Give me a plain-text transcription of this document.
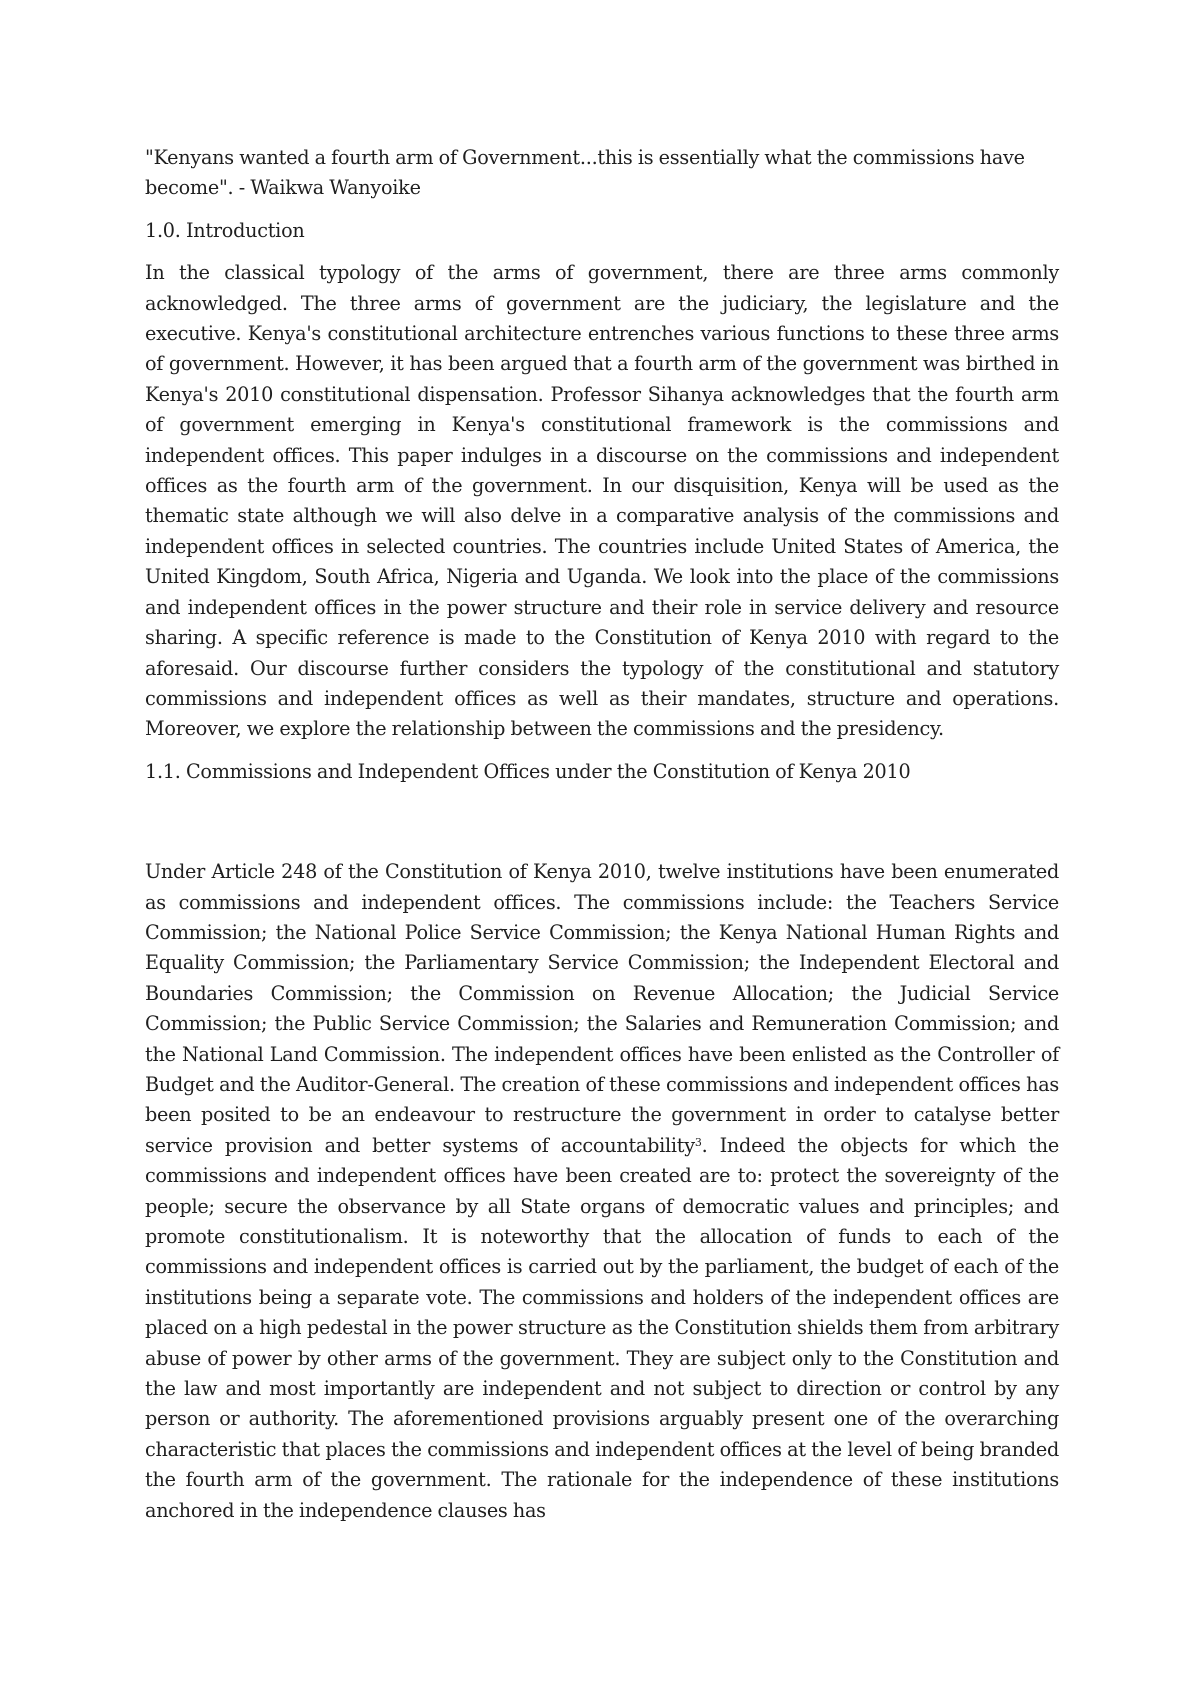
"Kenyans wanted a fourth arm of Government...this is essentially what the commissions have become". - Waikwa Wanyoike

1.0. Introduction

In the classical typology of the arms of government, there are three arms commonly acknowledged. The three arms of government are the judiciary, the legislature and the executive. Kenya's constitutional architecture entrenches various functions to these three arms of government. However, it has been argued that a fourth arm of the government was birthed in Kenya's 2010 constitutional dispensation. Professor Sihanya acknowledges that the fourth arm of government emerging in Kenya's constitutional framework is the commissions and independent offices. This paper indulges in a discourse on the commissions and independent offices as the fourth arm of the government. In our disquisition, Kenya will be used as the thematic state although we will also delve in a comparative analysis of the commissions and independent offices in selected countries. The countries include United States of America, the United Kingdom, South Africa, Nigeria and Uganda. We look into the place of the commissions and independent offices in the power structure and their role in service delivery and resource sharing. A specific reference is made to the Constitution of Kenya 2010 with regard to the aforesaid. Our discourse further considers the typology of the constitutional and statutory commissions and independent offices as well as their mandates, structure and operations. Moreover, we explore the relationship between the commissions and the presidency.

1.1. Commissions and Independent Offices under the Constitution of Kenya 2010

Under Article 248 of the Constitution of Kenya 2010, twelve institutions have been enumerated as commissions and independent offices. The commissions include: the Teachers Service Commission; the National Police Service Commission; the Kenya National Human Rights and Equality Commission; the Parliamentary Service Commission; the Independent Electoral and Boundaries Commission; the Commission on Revenue Allocation; the Judicial Service Commission; the Public Service Commission; the Salaries and Remuneration Commission; and the National Land Commission. The independent offices have been enlisted as the Controller of Budget and the Auditor-General. The creation of these commissions and independent offices has been posited to be an endeavour to restructure the government in order to catalyse better service provision and better systems of accountability$^3$. Indeed the objects for which the commissions and independent offices have been created are to: protect the sovereignty of the people; secure the observance by all State organs of democratic values and principles; and promote constitutionalism. It is noteworthy that the allocation of funds to each of the commissions and independent offices is carried out by the parliament, the budget of each of the institutions being a separate vote. The commissions and holders of the independent offices are placed on a high pedestal in the power structure as the Constitution shields them from arbitrary abuse of power by other arms of the government. They are subject only to the Constitution and the law and most importantly are independent and not subject to direction or control by any person or authority. The aforementioned provisions arguably present one of the overarching characteristic that places the commissions and independent offices at the level of being branded the fourth arm of the government. The rationale for the independence of these institutions anchored in the independence clauses has
